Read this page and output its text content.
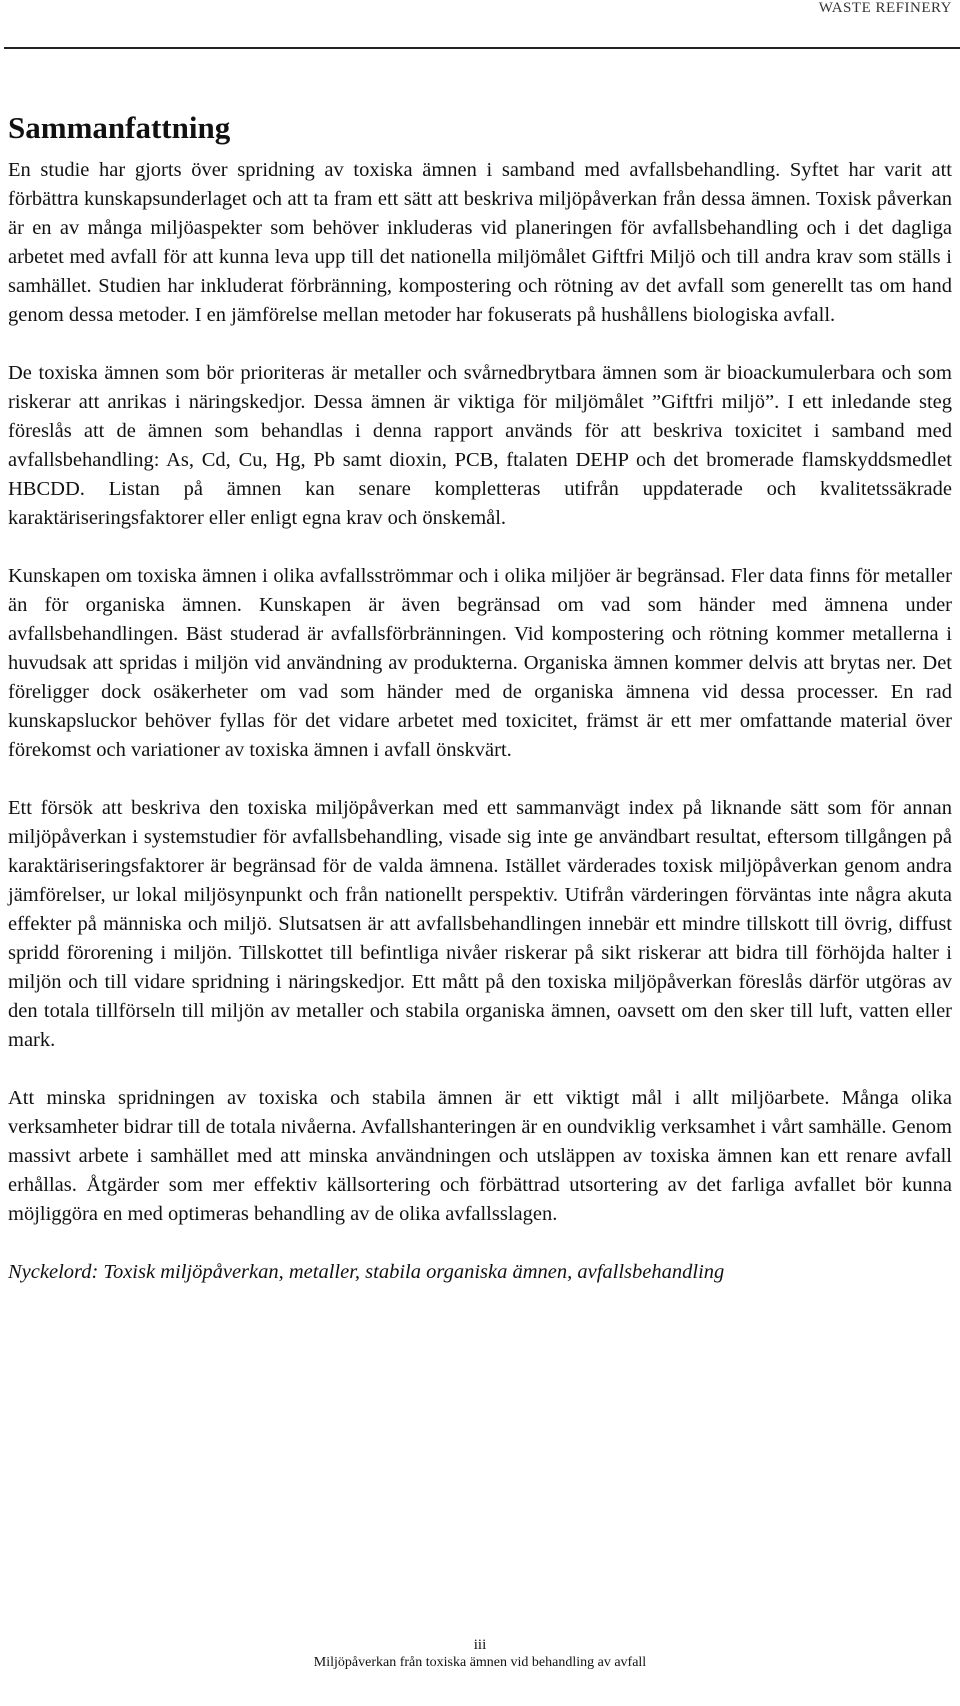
WASTE REFINERY
Sammanfattning

En studie har gjorts över spridning av toxiska ämnen i samband med avfallsbehandling. Syftet har varit att förbättra kunskapsunderlaget och att ta fram ett sätt att beskriva miljöpåverkan från dessa ämnen. Toxisk påverkan är en av många miljöaspekter som behöver inkluderas vid planeringen för avfallsbehandling och i det dagliga arbetet med avfall för att kunna leva upp till det nationella miljömålet Giftfri Miljö och till andra krav som ställs i samhället. Studien har inkluderat förbränning, kompostering och rötning av det avfall som generellt tas om hand genom dessa metoder. I en jämförelse mellan metoder har fokuserats på hushållens biologiska avfall.

De toxiska ämnen som bör prioriteras är metaller och svårnedbrytbara ämnen som är bioackumulerbara och som riskerar att anrikas i näringskedjor. Dessa ämnen är viktiga för miljömålet ”Giftfri miljö”. I ett inledande steg föreslås att de ämnen som behandlas i denna rapport används för att beskriva toxicitet i samband med avfallsbehandling: As, Cd, Cu, Hg, Pb samt dioxin, PCB, ftalaten DEHP och det bromerade flamskyddsmedlet HBCDD. Listan på ämnen kan senare kompletteras utifrån uppdaterade och kvalitetssäkrade karaktäriseringsfaktorer eller enligt egna krav och önskemål.

Kunskapen om toxiska ämnen i olika avfallsströmmar och i olika miljöer är begränsad. Fler data finns för metaller än för organiska ämnen. Kunskapen är även begränsad om vad som händer med ämnena under avfallsbehandlingen. Bäst studerad är avfallsförbränningen. Vid kompostering och rötning kommer metallerna i huvudsak att spridas i miljön vid användning av produkterna. Organiska ämnen kommer delvis att brytas ner. Det föreligger dock osäkerheter om vad som händer med de organiska ämnena vid dessa processer. En rad kunskapsluckor behöver fyllas för det vidare arbetet med toxicitet, främst är ett mer omfattande material över förekomst och variationer av toxiska ämnen i avfall önskvärt.

Ett försök att beskriva den toxiska miljöpåverkan med ett sammanvägt index på liknande sätt som för annan miljöpåverkan i systemstudier för avfallsbehandling, visade sig inte ge användbart resultat, eftersom tillgången på karaktäriseringsfaktorer är begränsad för de valda ämnena. Istället värderades toxisk miljöpåverkan genom andra jämförelser, ur lokal miljösynpunkt och från nationellt perspektiv. Utifrån värderingen förväntas inte några akuta effekter på människa och miljö. Slutsatsen är att avfallsbehandlingen innebär ett mindre tillskott till övrig, diffust spridd förorening i miljön. Tillskottet till befintliga nivåer riskerar på sikt riskerar att bidra till förhöjda halter i miljön och till vidare spridning i näringskedjor. Ett mått på den toxiska miljöpåverkan föreslås därför utgöras av den totala tillförseln till miljön av metaller och stabila organiska ämnen, oavsett om den sker till luft, vatten eller mark.

Att minska spridningen av toxiska och stabila ämnen är ett viktigt mål i allt miljöarbete. Många olika verksamheter bidrar till de totala nivåerna. Avfallshanteringen är en oundviklig verksamhet i vårt samhälle. Genom massivt arbete i samhället med att minska användningen och utsläppen av toxiska ämnen kan ett renare avfall erhållas. Åtgärder som mer effektiv källsortering och förbättrad utsortering av det farliga avfallet bör kunna möjliggöra en med optimeras behandling av de olika avfallsslagen.

Nyckelord: Toxisk miljöpåverkan, metaller, stabila organiska ämnen, avfallsbehandling

iii
Miljöpåverkan från toxiska ämnen vid behandling av avfall
